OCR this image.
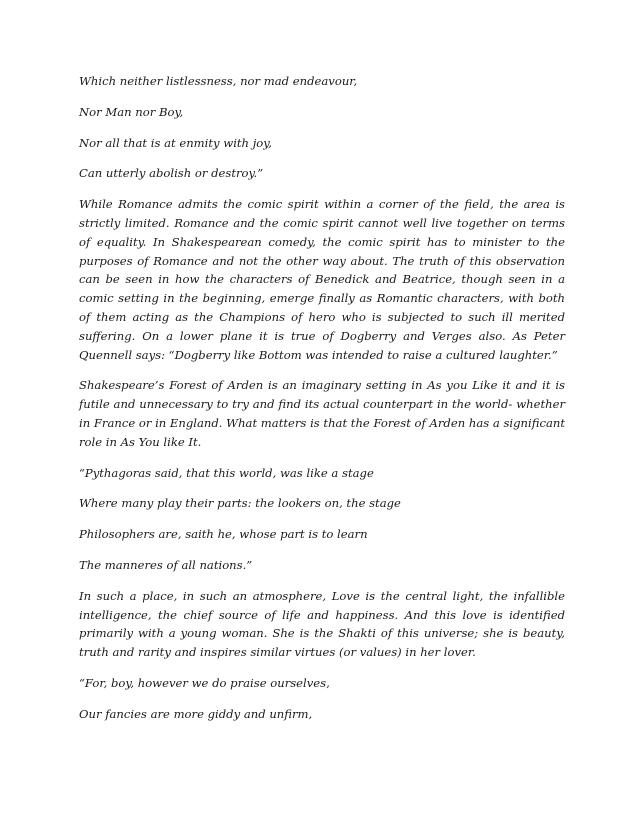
Which neither listlessness, nor mad endeavour,

Nor Man nor Boy,

Nor all that is at enmity with joy,

Can utterly abolish or destroy.”

While Romance admits the comic spirit within a corner of the field, the area is strictly limited. Romance and the comic spirit cannot well live together on terms of equality. In Shakespearean comedy, the comic spirit has to minister to the purposes of Romance and not the other way about. The truth of this observation can be seen in how the characters of Benedick and Beatrice, though seen in a comic setting in the beginning, emerge finally as Romantic characters, with both of them acting as the Champions of hero who is subjected to such ill merited suffering. On a lower plane it is true of Dogberry and Verges also. As Peter Quennell says: “Dogberry like Bottom was intended to raise a cultured laughter.”

Shakespeare’s Forest of Arden is an imaginary setting in As you Like it and it is futile and unnecessary to try and find its actual counterpart in the world- whether in France or in England. What matters is that the Forest of Arden has a significant role in As You like It.

“Pythagoras said, that this world, was like a stage

Where many play their parts: the lookers on, the stage

Philosophers are, saith he, whose part is to learn

The manneres of all nations.”

In such a place, in such an atmosphere, Love is the central light, the infallible intelligence, the chief source of life and happiness. And this love is identified primarily with a young woman. She is the Shakti of this universe; she is beauty, truth and rarity and inspires similar virtues (or values) in her lover.

“For, boy, however we do praise ourselves,

Our fancies are more giddy and unfirm,
